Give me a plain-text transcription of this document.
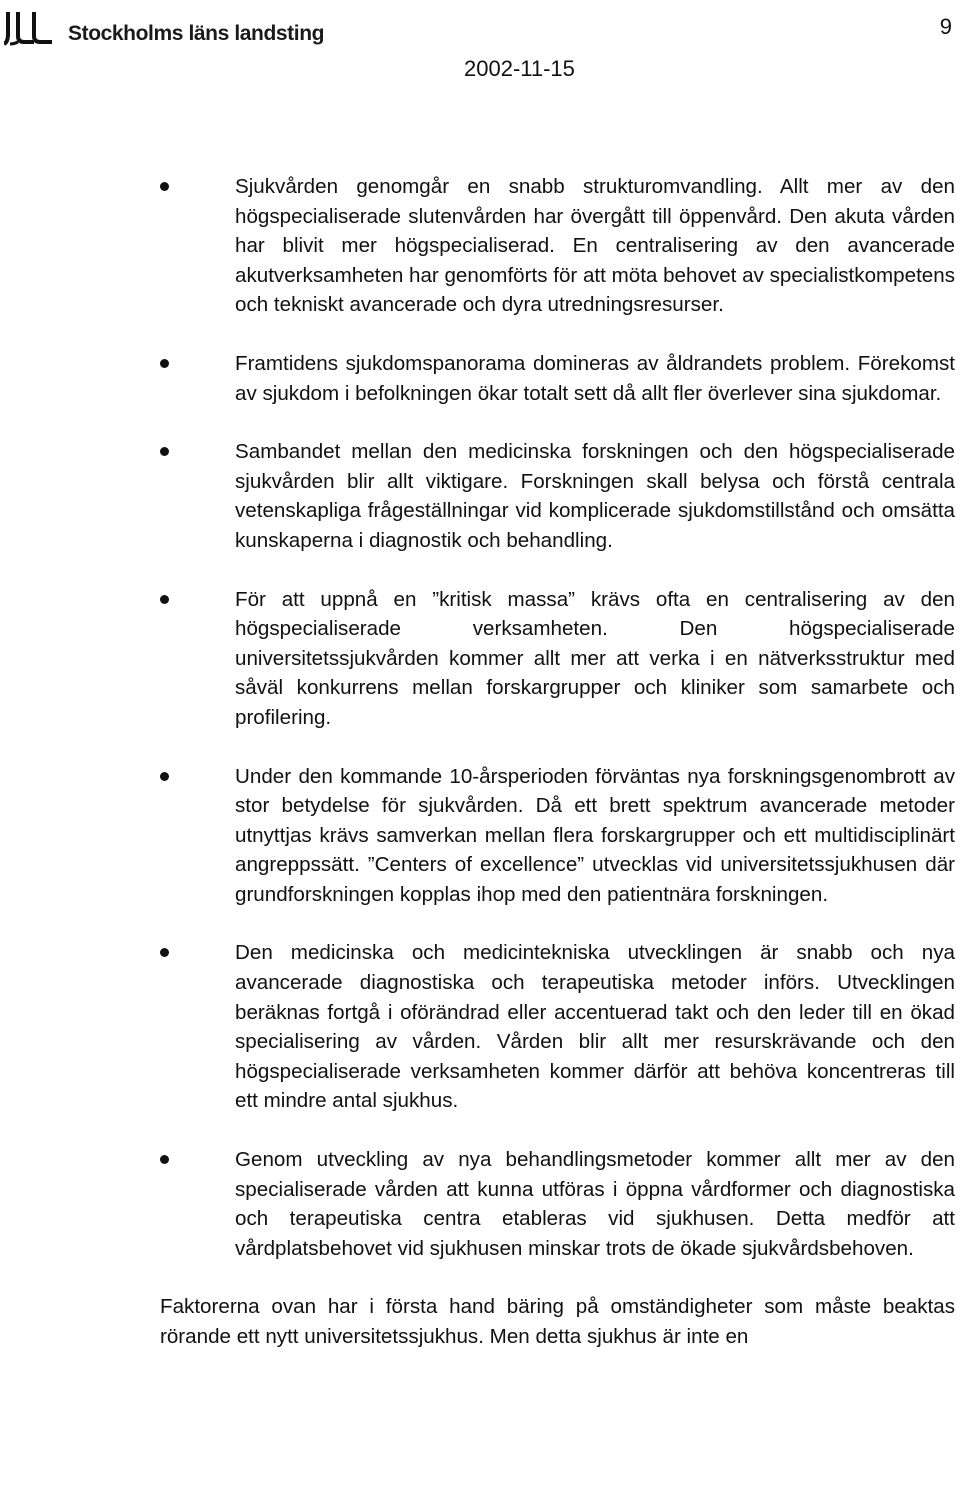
Stockholms läns landsting	9
2002-11-15
Sjukvården genomgår en snabb strukturomvandling. Allt mer av den högspecialiserade slutenvården har övergått till öppenvård. Den akuta vården har blivit mer högspecialiserad. En centralisering av den avancerade akutverksamheten har genomförts för att möta behovet av specialistkompetens och tekniskt avancerade och dyra utredningsresurser.
Framtidens sjukdomspanorama domineras av åldrandets problem. Förekomst av sjukdom i befolkningen ökar totalt sett då allt fler överlever sina sjukdomar.
Sambandet mellan den medicinska forskningen och den högspecialiserade sjukvården blir allt viktigare. Forskningen skall belysa och förstå centrala vetenskapliga frågeställningar vid komplicerade sjukdomstillstånd och omsätta kunskaperna i diagnostik och behandling.
För att uppnå en ”kritisk massa” krävs ofta en centralisering av den högspecialiserade verksamheten. Den högspecialiserade universitetssjukvården kommer allt mer att verka i en nätverksstruktur med såväl konkurrens mellan forskargrupper och kliniker som samarbete och profilering.
Under den kommande 10-årsperioden förväntas nya forskningsgenombrott av stor betydelse för sjukvården. Då ett brett spektrum avancerade metoder utnyttjas krävs samverkan mellan flera forskargrupper och ett multidisciplinärt angreppssätt. ”Centers of excellence” utvecklas vid universitetssjukhusen där grundforskningen kopplas ihop med den patientnära forskningen.
Den medicinska och medicintekniska utvecklingen är snabb och nya avancerade diagnostiska och terapeutiska metoder införs. Utvecklingen beräknas fortgå i oförändrad eller accentuerad takt och den leder till en ökad specialisering av vården. Vården blir allt mer resurskrävande och den högspecialiserade verksamheten kommer därför att behöva koncentreras till ett mindre antal sjukhus.
Genom utveckling av nya behandlingsmetoder kommer allt mer av den specialiserade vården att kunna utföras i öppna vårdformer och diagnostiska och terapeutiska centra etableras vid sjukhusen. Detta medför att vårdplatsbehovet vid sjukhusen minskar trots de ökade sjukvårdsbehoven.

Faktorerna ovan har i första hand bäring på omständigheter som måste beaktas rörande ett nytt universitetssjukhus. Men detta sjukhus är inte en
